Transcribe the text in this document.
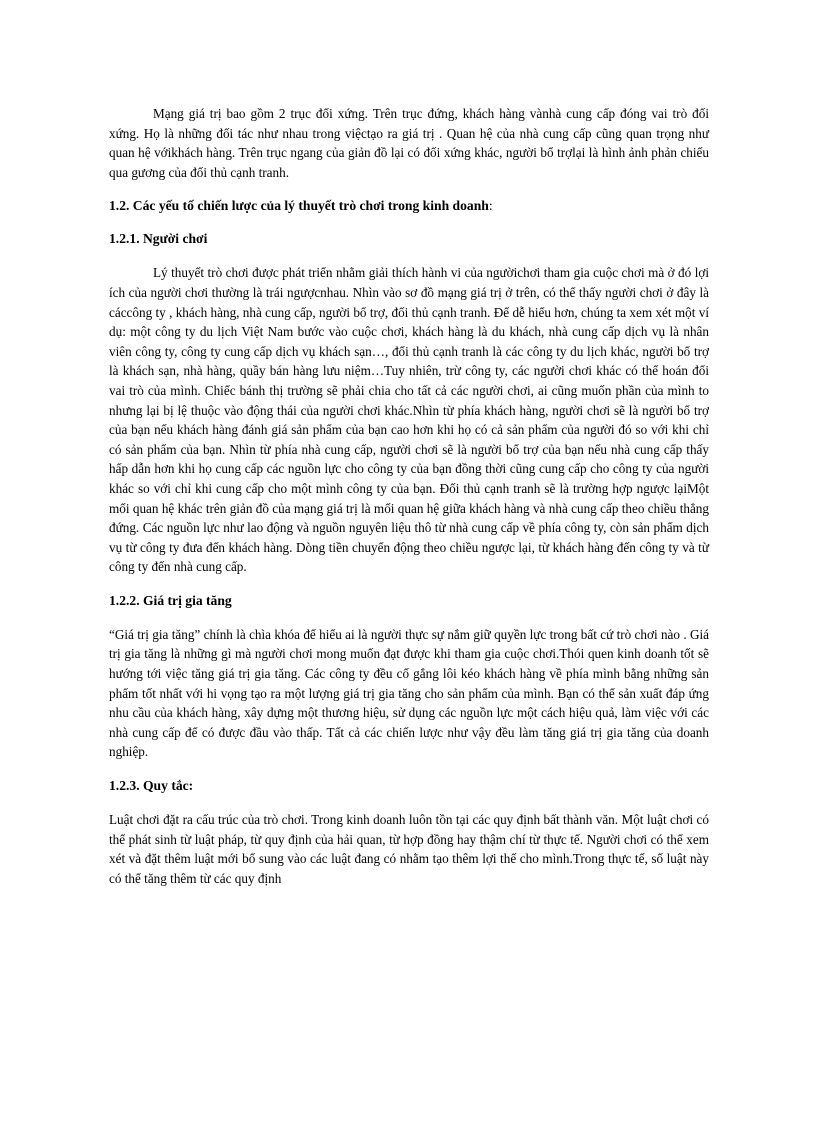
Mạng giá trị bao gồm 2 trục đối xứng. Trên trục đứng, khách hàng vànhà cung cấp đóng vai trò đối xứng. Họ là những đối tác như nhau trong việctạo ra giá trị . Quan hệ của nhà cung cấp cũng quan trọng như quan hệ vớikhách hàng. Trên trục ngang của giản đồ lại có đối xứng khác, người bổ trợlại là hình ảnh phản chiếu qua gương của đối thủ cạnh tranh.

1.2. Các yếu tố chiến lược của lý thuyết trò chơi trong kinh doanh:
1.2.1. Người chơi

Lý thuyết trò chơi được phát triển nhằm giải thích hành vi của ngườichơi tham gia cuộc chơi mà ở đó lợi ích của người chơi thường là trái ngượcnhau. Nhìn vào sơ đồ mạng giá trị ở trên, có thể thấy người chơi ở đây là cáccông ty , khách hàng, nhà cung cấp, người bổ trợ, đối thủ cạnh tranh. Để dễ hiểu hơn, chúng ta xem xét một ví dụ: một công ty du lịch Việt Nam bước vào cuộc chơi, khách hàng là du khách, nhà cung cấp dịch vụ là nhân viên công ty, công ty cung cấp dịch vụ khách sạn…, đối thủ cạnh tranh là các công ty du lịch khác, người bổ trợ là khách sạn, nhà hàng, quầy bán hàng lưu niệm…Tuy nhiên, trừ công ty, các người chơi khác có thể hoán đổi vai trò của mình. Chiếc bánh thị trường sẽ phải chia cho tất cả các người chơi, ai cũng muốn phần của mình to nhưng lại bị lệ thuộc vào động thái của người chơi khác.Nhìn từ phía khách hàng, người chơi sẽ là người bổ trợ của bạn nếu khách hàng đánh giá sản phẩm của bạn cao hơn khi họ có cả sản phẩm của người đó so với khi chỉ có sản phẩm của bạn. Nhìn từ phía nhà cung cấp, người chơi sẽ là người bổ trợ của bạn nếu nhà cung cấp thấy hấp dẫn hơn khi họ cung cấp các nguồn lực cho công ty của bạn đồng thời cũng cung cấp cho công ty của người khác so với chỉ khi cung cấp cho một mình công ty của bạn. Đối thủ cạnh tranh sẽ là trường hợp ngược lạiMột mối quan hệ khác trên giản đồ của mạng giá trị là mối quan hệ giữa khách hàng và nhà cung cấp theo chiều thẳng đứng. Các nguồn lực như lao động và nguồn nguyên liệu thô từ nhà cung cấp về phía công ty, còn sản phẩm dịch vụ từ công ty đưa đến khách hàng. Dòng tiền chuyển động theo chiều ngược lại, từ khách hàng đến công ty và từ công ty đến nhà cung cấp.

1.2.2. Giá trị gia tăng

“Giá trị gia tăng” chính là chìa khóa để hiểu ai là người thực sự nắm giữ quyền lực trong bất cứ trò chơi nào . Giá trị gia tăng là những gì mà người chơi mong muốn đạt được khi tham gia cuộc chơi.Thói quen kinh doanh tốt sẽ hướng tới việc tăng giá trị gia tăng. Các công ty đều cố gắng lôi kéo khách hàng về phía mình bằng những sản phẩm tốt nhất với hi vọng tạo ra một lượng giá trị gia tăng cho sản phẩm của mình. Bạn có thể sản xuất đáp ứng nhu cầu của khách hàng, xây dựng một thương hiệu, sử dụng các nguồn lực một cách hiệu quả, làm việc với các nhà cung cấp để có được đầu vào thấp. Tất cả các chiến lược như vậy đều làm tăng giá trị gia tăng của doanh nghiệp.

1.2.3. Quy tắc:

Luật chơi đặt ra cấu trúc của trò chơi. Trong kinh doanh luôn tồn tại các quy định bất thành văn. Một luật chơi có thể phát sinh từ luật pháp, từ quy định của hải quan, từ hợp đồng hay thậm chí từ thực tế. Người chơi có thể xem xét và đặt thêm luật mới bổ sung vào các luật đang có nhằm tạo thêm lợi thế cho mình.Trong thực tế, số luật này có thể tăng thêm từ các quy định
